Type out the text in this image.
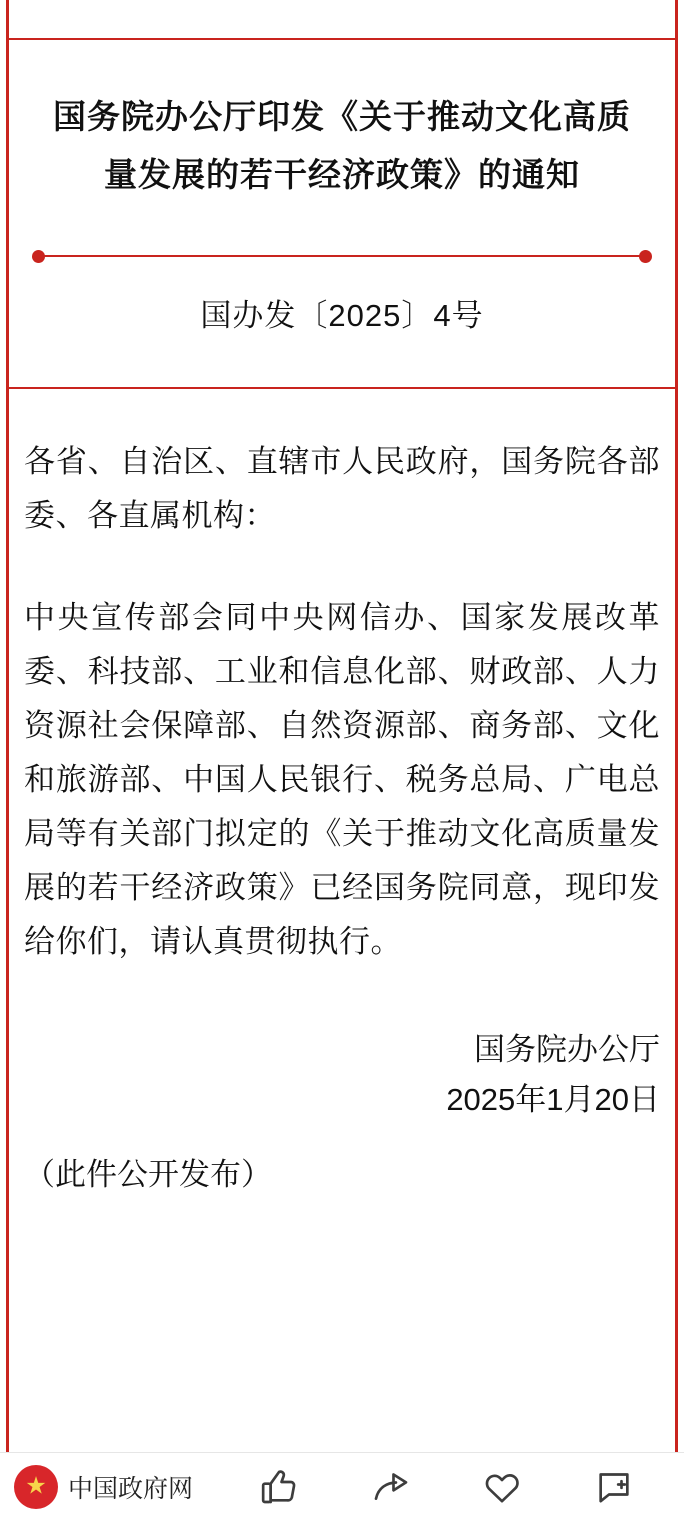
国务院办公厅印发《关于推动文化高质量发展的若干经济政策》的通知
国办发〔2025〕4号
各省、自治区、直辖市人民政府，国务院各部委、各直属机构：
中央宣传部会同中央网信办、国家发展改革委、科技部、工业和信息化部、财政部、人力资源社会保障部、自然资源部、商务部、文化和旅游部、中国人民银行、税务总局、广电总局等有关部门拟定的《关于推动文化高质量发展的若干经济政策》已经国务院同意，现印发给你们，请认真贯彻执行。
国务院办公厅
2025年1月20日
（此件公开发布）
★
中国政府网
